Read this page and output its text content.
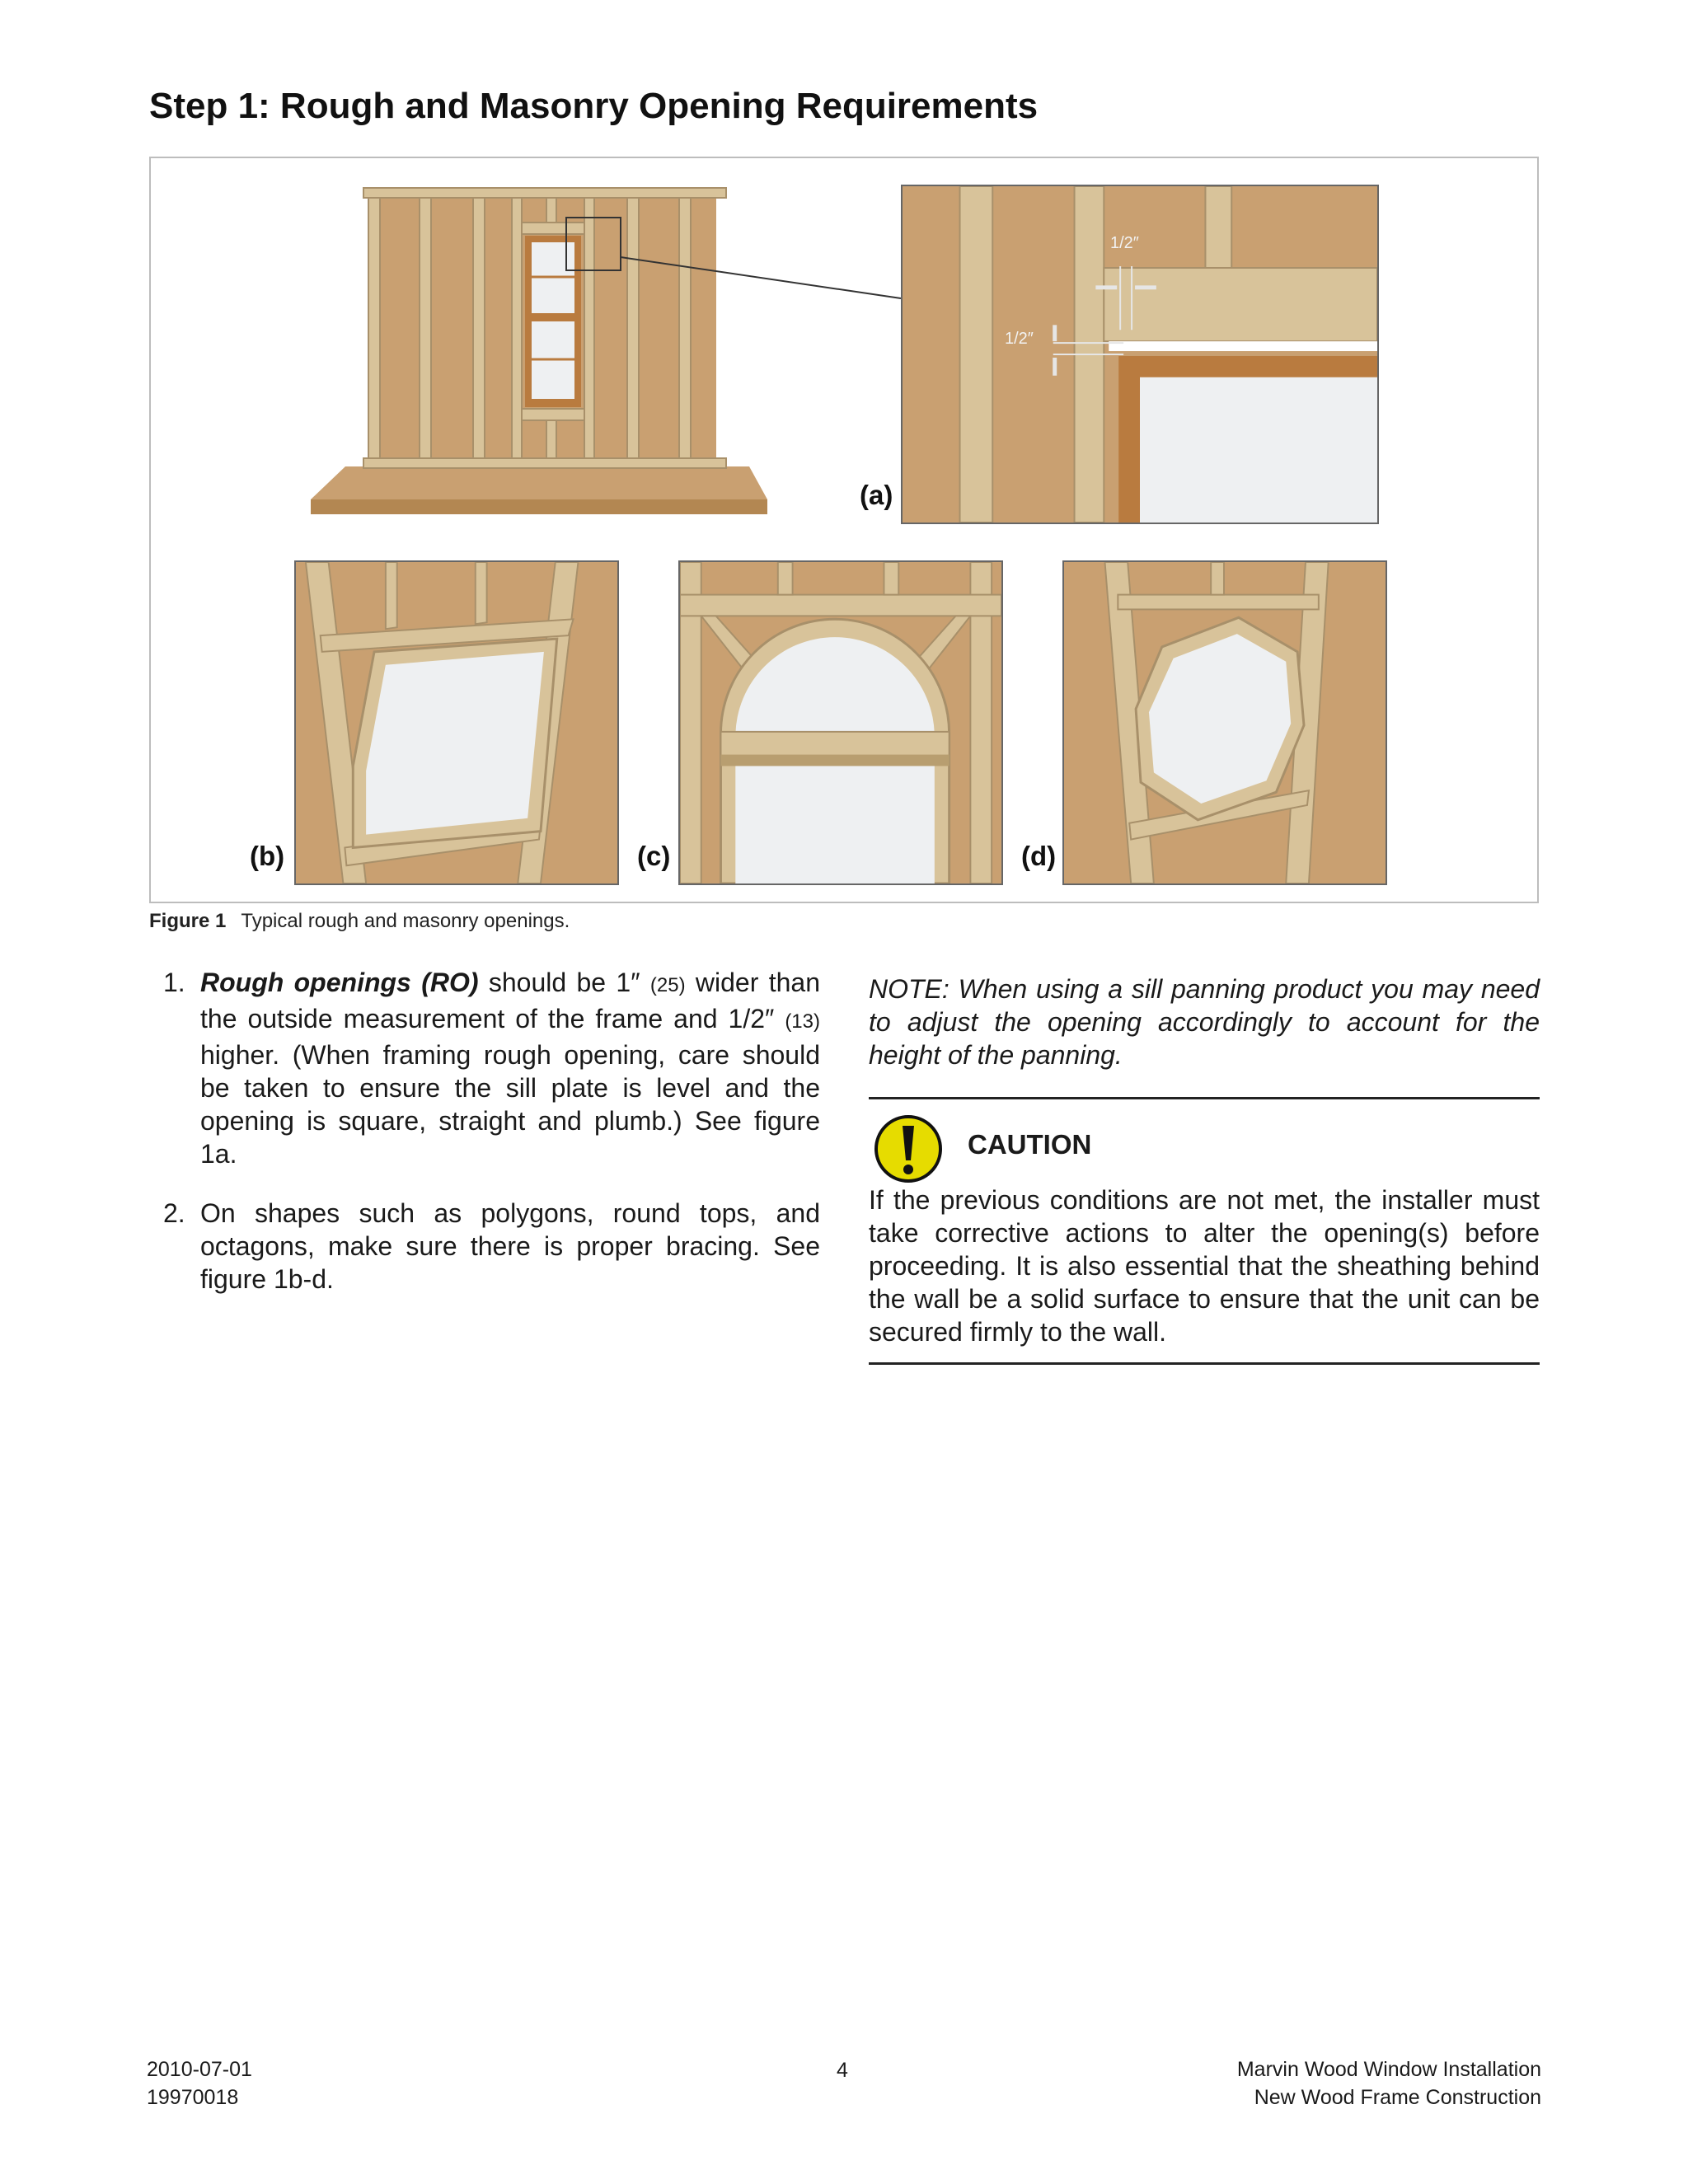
Step 1: Rough and Masonry Opening Requirements
1/2″
1/2″
(a)
(b)	(c)	(d)
Figure 1 Typical rough and masonry openings.
1. Rough openings (RO) should be 1″ (25) wider than the outside measurement of the frame and 1/2″ (13) higher. (When framing rough opening, care should be taken to ensure the sill plate is level and the opening is square, straight and plumb.) See figure 1a.
2. On shapes such as polygons, round tops, and octagons, make sure there is proper bracing. See figure 1b-d.

NOTE: When using a sill panning product you may need to adjust the opening accordingly to account for the height of the panning.

CAUTION

If the previous conditions are not met, the installer must take corrective actions to alter the opening(s) before proceeding. It is also essential that the sheathing behind the wall be a solid surface to ensure that the unit can be secured firmly to the wall.

2010-07-01
19970018
4	Marvin Wood Window Installation
New Wood Frame Construction
